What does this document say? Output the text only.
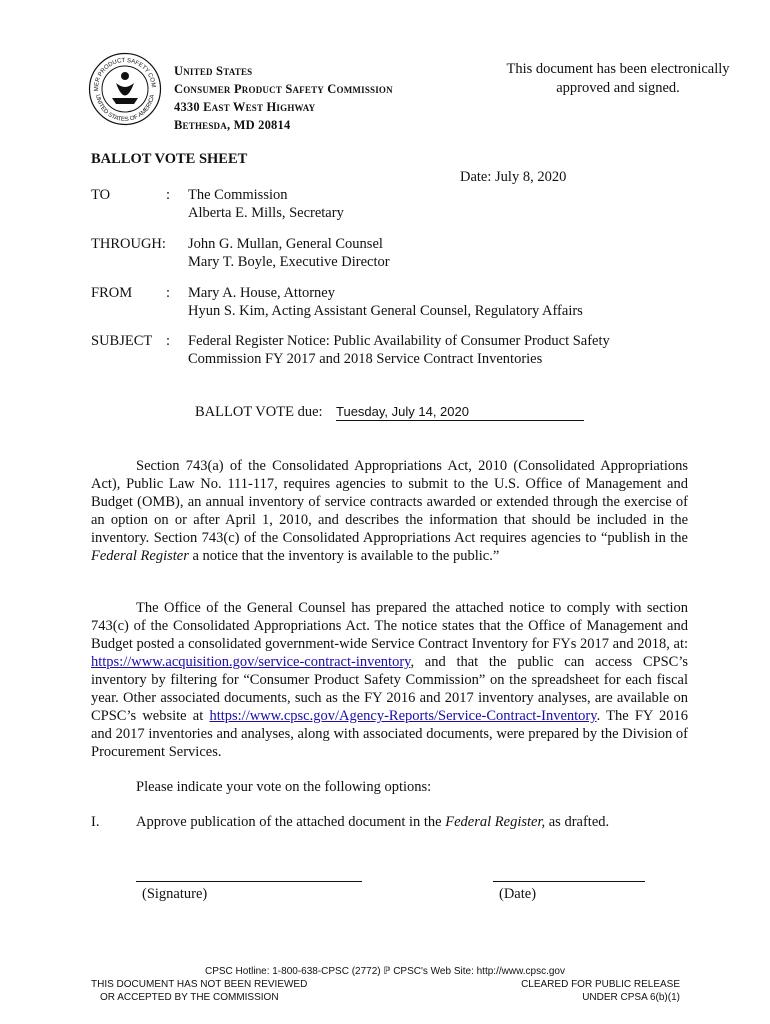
MER PRODUCT SAFETY COM
UNITED STATES OF AMERICA
United States
Consumer Product Safety Commission
4330 East West Highway
Bethesda, MD 20814
This document has been electronically
approved and signed.
BALLOT VOTE SHEET
Date: July 8, 2020
TO	: The Commission
Alberta E. Mills, Secretary
THROUGH:	John G. Mullan, General Counsel
Mary T. Boyle, Executive Director
FROM	: Mary A. House, Attorney
Hyun S. Kim, Acting Assistant General Counsel, Regulatory Affairs
SUBJECT : Federal Register Notice: Public Availability of Consumer Product Safety
Commission FY 2017 and 2018 Service Contract Inventories
BALLOT VOTE due: Tuesday, July 14, 2020

Section 743(a) of the Consolidated Appropriations Act, 2010 (Consolidated Appropriations Act), Public Law No. 111-117, requires agencies to submit to the U.S. Office of Management and Budget (OMB), an annual inventory of service contracts awarded or extended through the exercise of an option on or after April 1, 2010, and describes the information that should be included in the inventory. Section 743(c) of the Consolidated Appropriations Act requires agencies to “publish in the Federal Register a notice that the inventory is available to the public.”

The Office of the General Counsel has prepared the attached notice to comply with section 743(c) of the Consolidated Appropriations Act. The notice states that the Office of Management and Budget posted a consolidated government-wide Service Contract Inventory for FYs 2017 and 2018, at: https://www.acquisition.gov/service-contract-inventory, and that the public can access CPSC’s inventory by filtering for “Consumer Product Safety Commission” on the spreadsheet for each fiscal year. Other associated documents, such as the FY 2016 and 2017 inventory analyses, are available on CPSC’s website at https://www.cpsc.gov/Agency-Reports/Service-Contract-Inventory. The FY 2016 and 2017 inventories and analyses, along with associated documents, were prepared by the Division of Procurement Services.

Please indicate your vote on the following options:
I.	Approve publication of the attached document in the Federal Register, as drafted.
(Signature)	(Date)
CPSC Hotline: 1-800-638-CPSC (2772) ℙ CPSC's Web Site: http://www.cpsc.gov
THIS DOCUMENT HAS NOT BEEN REVIEWED
OR ACCEPTED BY THE COMMISSION
CLEARED FOR PUBLIC RELEASE
UNDER CPSA 6(b)(1)
